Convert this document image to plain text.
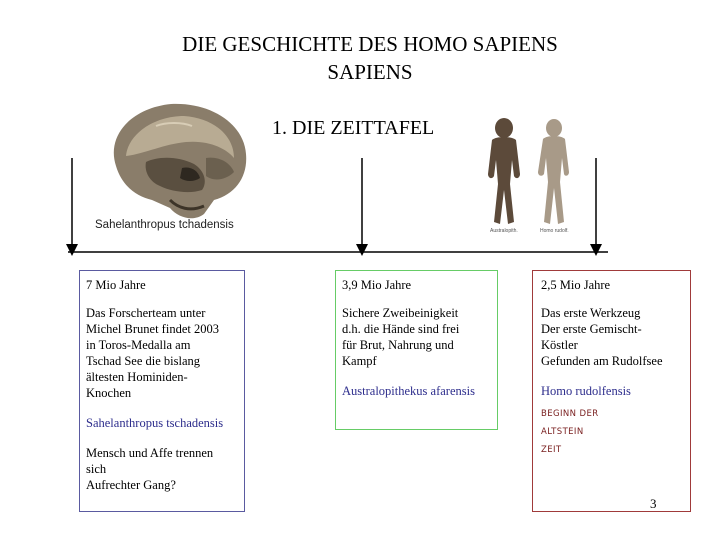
DIE GESCHICHTE DES HOMO SAPIENS SAPIENS
1. DIE ZEITTAFEL
Sahelanthropus tchadensis	Australopith.	Homo rudolf.

7 Mio Jahre

Das Forscherteam unter

Michel Brunet findet 2003

in Toros-Medalla am

Tschad See die bislang

ältesten Hominiden-

Knochen

Sahelanthropus tschadensis

Mensch und Affe trennen

sich

Aufrechter Gang?

3,9 Mio Jahre

Sichere Zweibeinigkeit

d.h. die Hände sind frei

für Brut, Nahrung und

Kampf

Australopithekus afarensis

2,5 Mio Jahre

Das erste Werkzeug

Der erste Gemischt-

Köstler

Gefunden am Rudolfsee

Homo rudolfensis

BEGINN DER

ALTSTEIN

ZEIT

3
